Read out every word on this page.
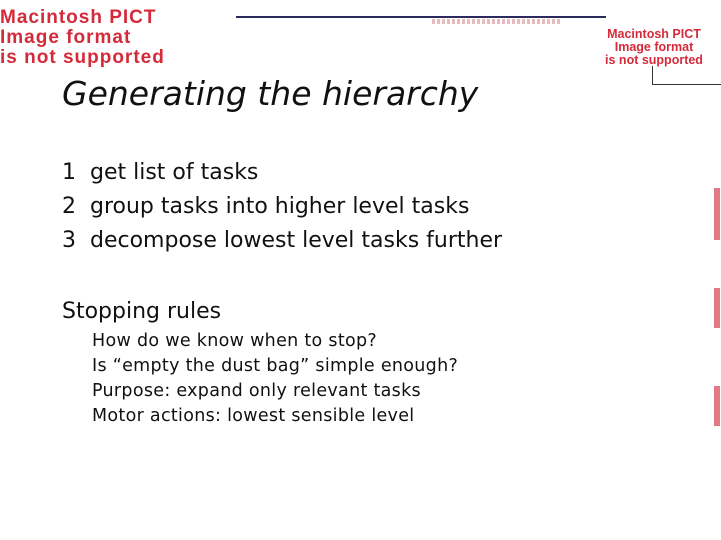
Macintosh PICT
Image format
is not supported
Macintosh PICT
Image format
is not supported
Generating the hierarchy
1 get list of tasks
2 group tasks into higher level tasks
3 decompose lowest level tasks further
Stopping rules
How do we know when to stop?
Is “empty the dust bag” simple enough?
Purpose: expand only relevant tasks
Motor actions: lowest sensible level
